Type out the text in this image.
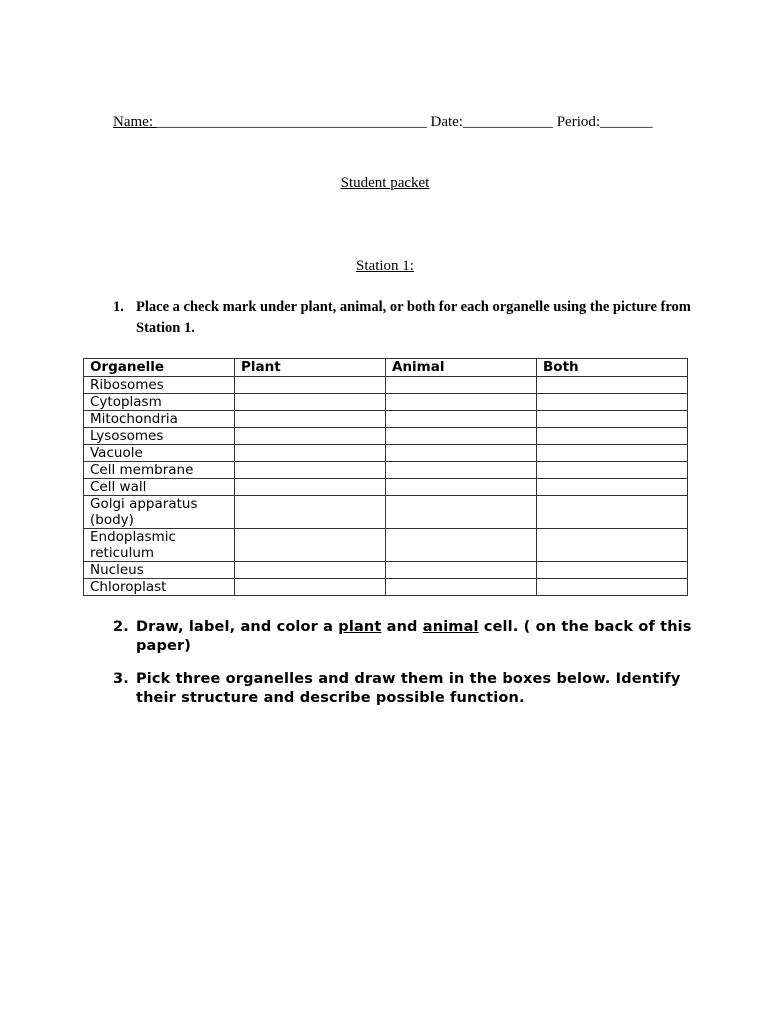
Name: ____________________________________ Date:____________ Period:_______
Student packet
Station 1:
1. Place a check mark under plant, animal, or both for each organelle using the picture from Station 1.
Organelle	Plant	Animal	Both
Ribosomes			
Cytoplasm			
Mitochondria			
Lysosomes			
Vacuole			
Cell membrane			
Cell wall			
Golgi apparatus (body)			
Endoplasmic reticulum			
Nucleus			
Chloroplast			
2. Draw, label, and color a plant and animal cell. ( on the back of this paper)
3. Pick three organelles and draw them in the boxes below. Identify their structure and describe possible function.
